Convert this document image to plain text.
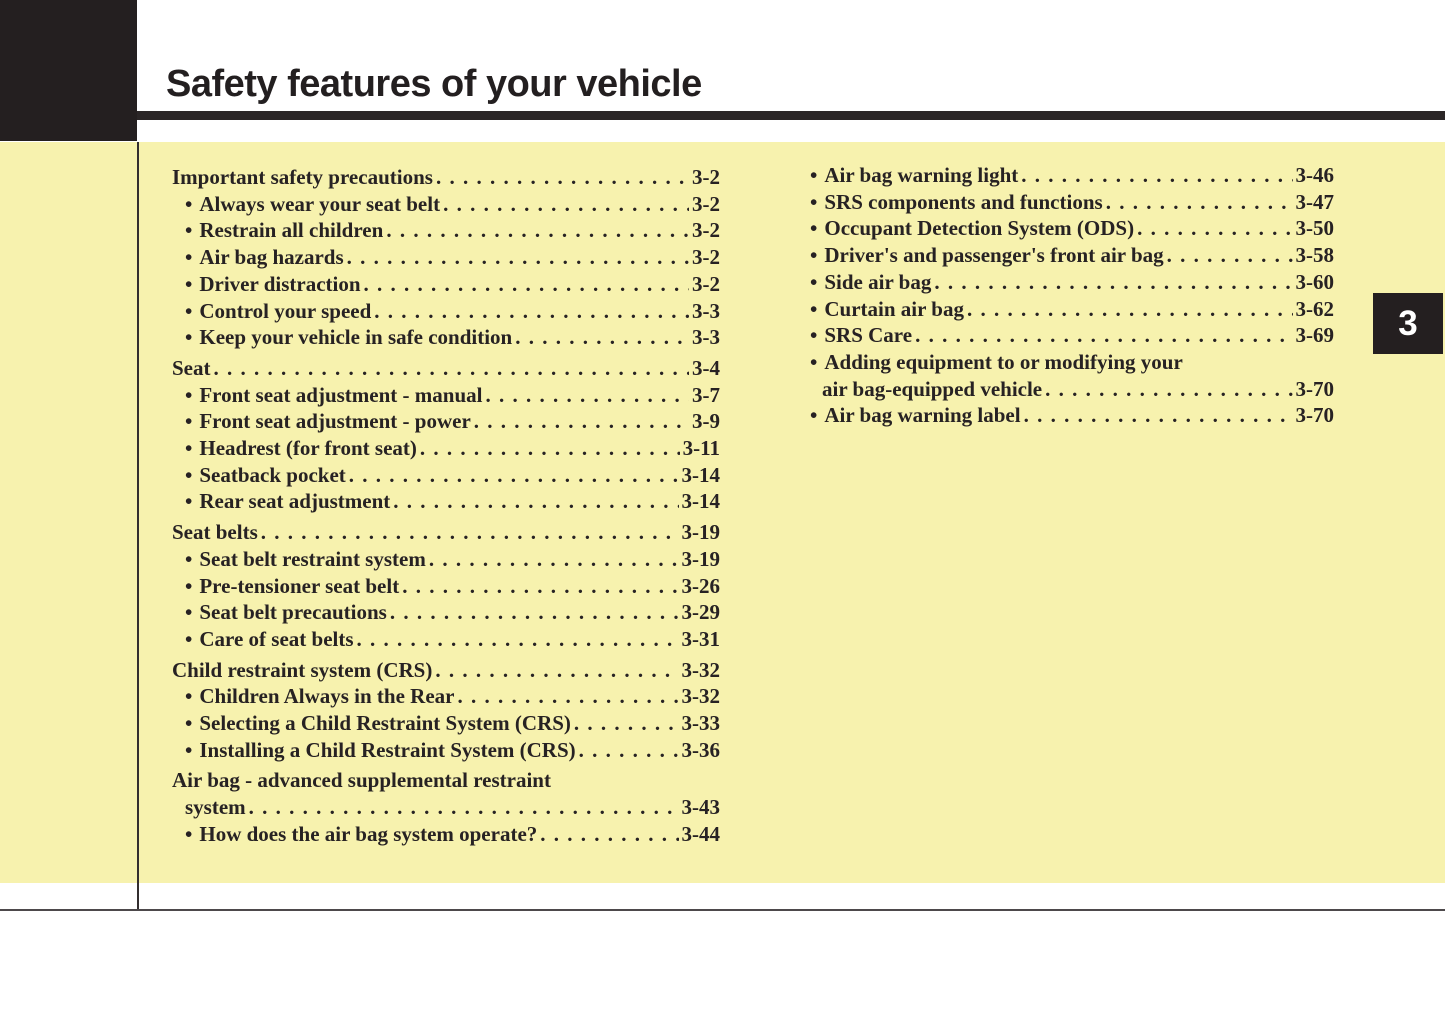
Safety features of your vehicle
Important safety precautions . . .	3-2
• Always wear your seat belt . . .	3-2
• Restrain all children . . .	3-2
• Air bag hazards . . .	3-2
• Driver distraction . . .	3-2
• Control your speed . . .	3-3
• Keep your vehicle in safe condition . . .	3-3
Seat . . .	3-4
• Front seat adjustment - manual . . .	3-7
• Front seat adjustment - power . . .	3-9
• Headrest (for front seat) . . .	3-11
• Seatback pocket . . .	3-14
• Rear seat adjustment . . .	3-14
Seat belts . . .	3-19
• Seat belt restraint system . . .	3-19
• Pre-tensioner seat belt . . .	3-26
• Seat belt precautions . . .	3-29
• Care of seat belts . . .	3-31
Child restraint system (CRS) . . .	3-32
• Children Always in the Rear . . .	3-32
• Selecting a Child Restraint System (CRS) . . .	3-33
• Installing a Child Restraint System (CRS) . . .	3-36
Air bag - advanced supplemental restraint
system . . .	3-43
• How does the air bag system operate? . . .	3-44
• Air bag warning light . . .	3-46
• SRS components and functions . . .	3-47
• Occupant Detection System (ODS) . . .	3-50
• Driver's and passenger's front air bag . . .	3-58
• Side air bag . . .	3-60
• Curtain air bag . . .	3-62
• SRS Care . . .	3-69
• Adding equipment to or modifying your
air bag-equipped vehicle . . .	3-70
• Air bag warning label . . .	3-70
3
